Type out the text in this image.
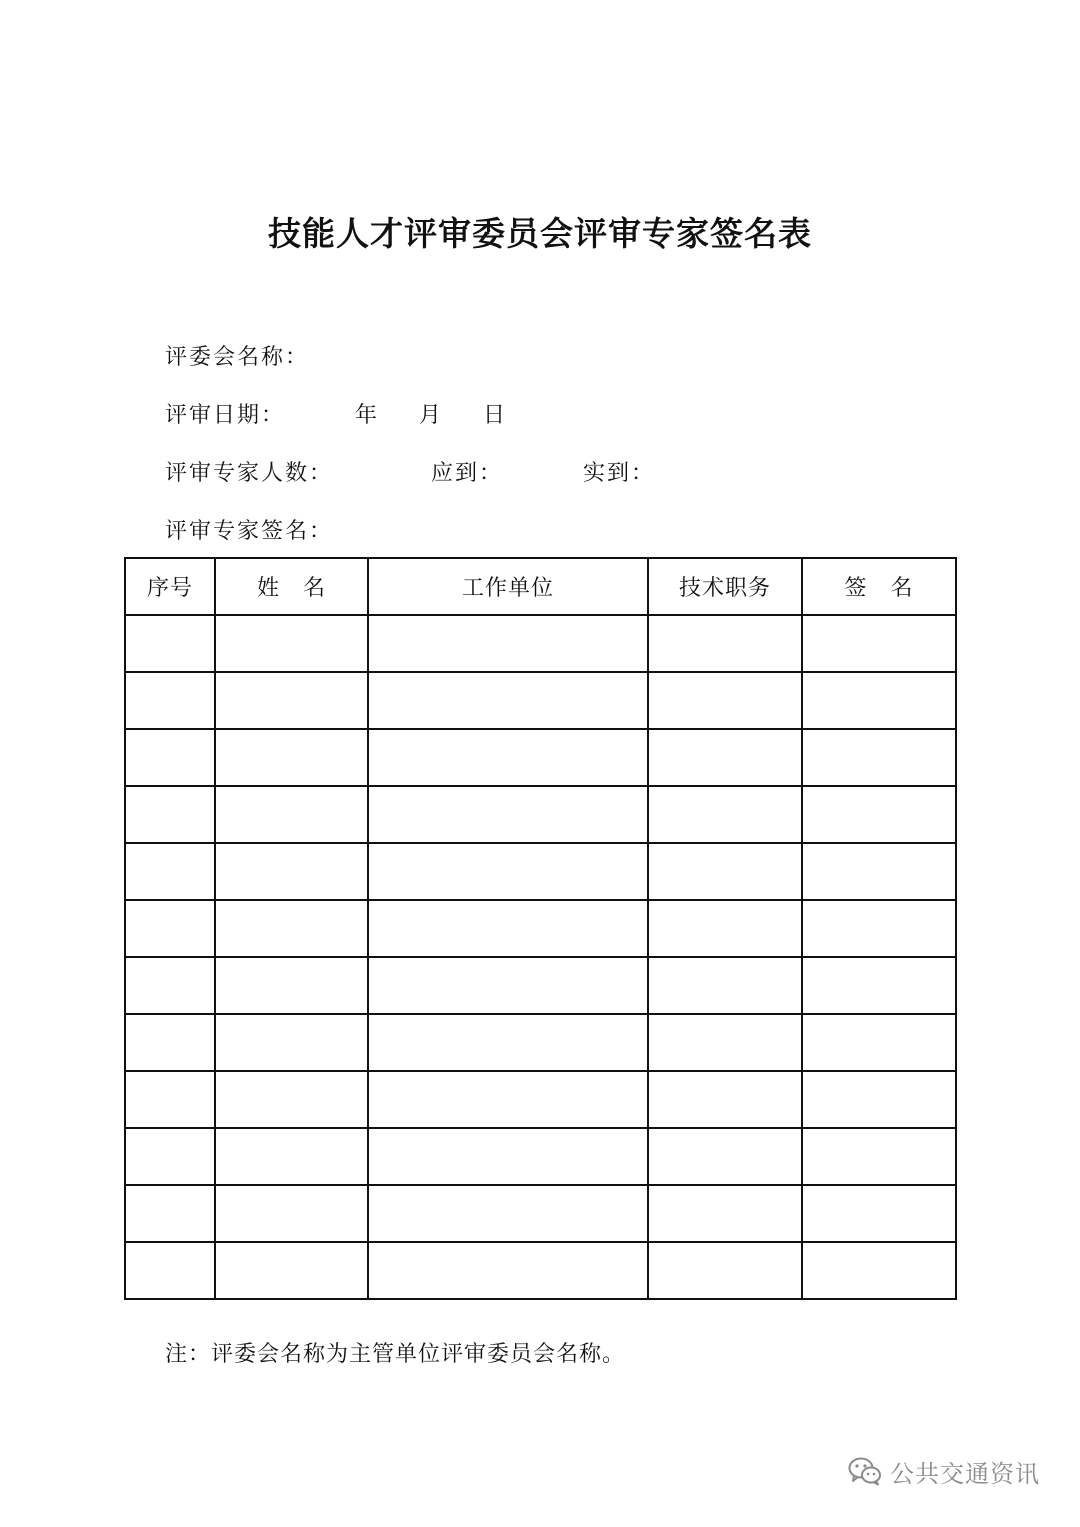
技能人才评审委员会评审专家签名表
评委会名称：
评审日期：	年 月 日
评审专家人数：	应到：	实到：
评审专家签名：
序号	姓　名	工作单位	技术职务	签　名

注：评委会名称为主管单位评审委员会名称。
公共交通资讯
